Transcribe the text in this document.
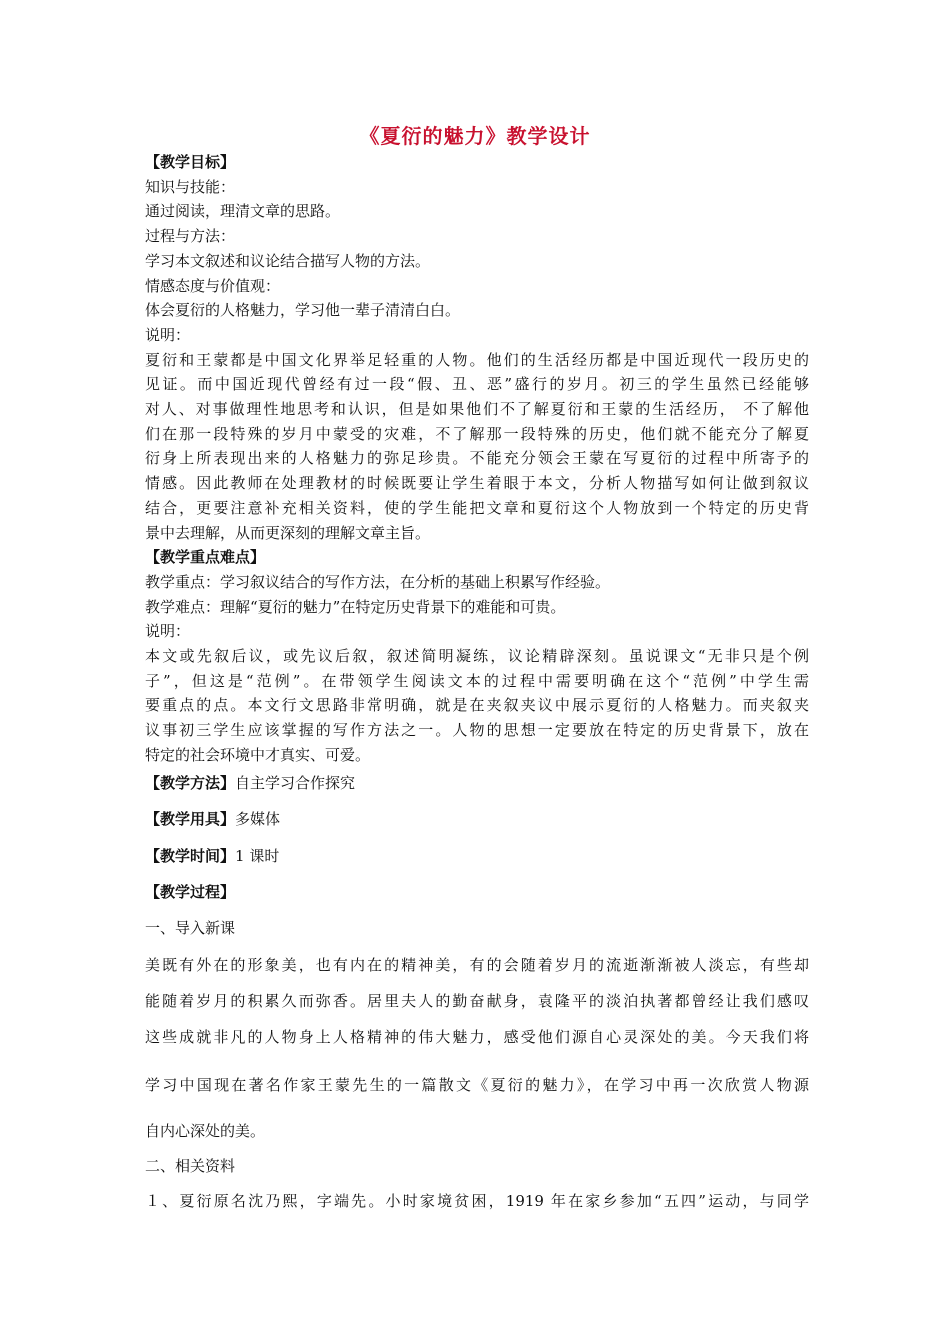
《夏衍的魅力》教学设计

【教学目标】

知识与技能：

通过阅读，理清文章的思路。

过程与方法：

学习本文叙述和议论结合描写人物的方法。

情感态度与价值观：

体会夏衍的人格魅力，学习他一辈子清清白白。

说明：

夏衍和王蒙都是中国文化界举足轻重的人物。他们的生活经历都是中国近现代一段历史的

见证。而中国近现代曾经有过一段“假、丑、恶”盛行的岁月。初三的学生虽然已经能够

对人、对事做理性地思考和认识，但是如果他们不了解夏衍和王蒙的生活经历， 不了解他

们在那一段特殊的岁月中蒙受的灾难，不了解那一段特殊的历史，他们就不能充分了解夏

衍身上所表现出来的人格魅力的弥足珍贵。不能充分领会王蒙在写夏衍的过程中所寄予的

情感。因此教师在处理教材的时候既要让学生着眼于本文，分析人物描写如何让做到叙议

结合，更要注意补充相关资料，使的学生能把文章和夏衍这个人物放到一个特定的历史背

景中去理解，从而更深刻的理解文章主旨。

【教学重点难点】

教学重点：学习叙议结合的写作方法，在分析的基础上积累写作经验。

教学难点：理解“夏衍的魅力”在特定历史背景下的难能和可贵。

说明：

本文或先叙后议，或先议后叙，叙述简明凝练，议论精辟深刻。虽说课文“无非只是个例

子”，但这是“范例”。在带领学生阅读文本的过程中需要明确在这个“范例”中学生需

要重点的点。本文行文思路非常明确，就是在夹叙夹议中展示夏衍的人格魅力。而夹叙夹

议事初三学生应该掌握的写作方法之一。人物的思想一定要放在特定的历史背景下，放在

特定的社会环境中才真实、可爱。

【教学方法】自主学习合作探究

【教学用具】多媒体

【教学时间】1 课时

【教学过程】

一、导入新课

美既有外在的形象美，也有内在的精神美，有的会随着岁月的流逝渐渐被人淡忘，有些却

能随着岁月的积累久而弥香。居里夫人的勤奋献身，袁隆平的淡泊执著都曾经让我们感叹

这些成就非凡的人物身上人格精神的伟大魅力，感受他们源自心灵深处的美。今天我们将

学习中国现在著名作家王蒙先生的一篇散文《夏衍的魅力》，在学习中再一次欣赏人物源

自内心深处的美。

二、相关资料

１、夏衍原名沈乃熙，字端先。小时家境贫困，1919 年在家乡参加“五四”运动，与同学
